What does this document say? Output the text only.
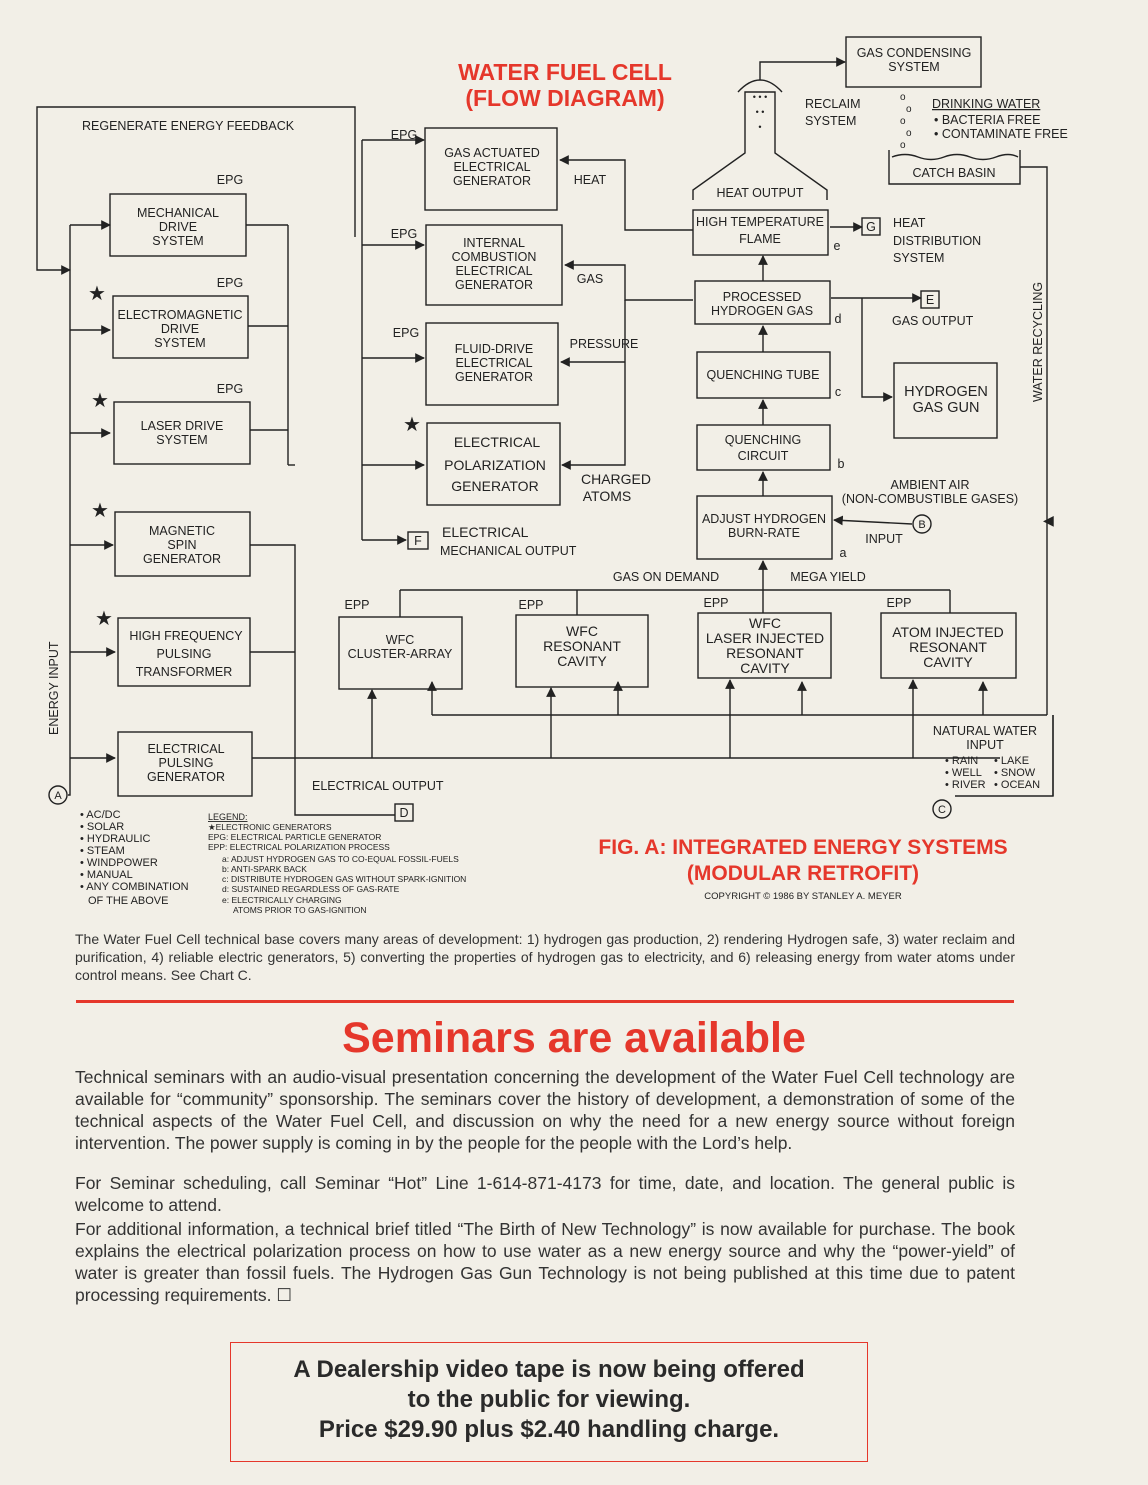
WATER FUEL CELL
(FLOW DIAGRAM)
REGENERATE ENERGY FEEDBACK
ENERGY INPUT
MECHANICAL
DRIVE
SYSTEM
EPG
ELECTROMAGNETIC
DRIVE
SYSTEM
EPG
★
LASER DRIVE
SYSTEM
EPG
★
MAGNETIC
SPIN
GENERATOR
★
HIGH FREQUENCY
PULSING
TRANSFORMER
★
ELECTRICAL
PULSING
GENERATOR
GAS ACTUATED
ELECTRICAL
GENERATOR
EPG
HEAT
INTERNAL
COMBUSTION
ELECTRICAL
GENERATOR
EPG
GAS
FLUID-DRIVE
ELECTRICAL
GENERATOR
EPG
PRESSURE
ELECTRICAL
POLARIZATION
GENERATOR	CHARGED
ATOMS
★
F
ELECTRICAL
MECHANICAL OUTPUT
HIGH TEMPERATURE
FLAME	e
PROCESSED
HYDROGEN GAS
d
QUENCHING TUBE
c
QUENCHING
CIRCUIT
b
ADJUST HYDROGEN
BURN-RATE
a
• • •
• •
•
RECLAIM
SYSTEM
HEAT OUTPUT
GAS CONDENSING
SYSTEM
o
o
o
o
o
DRINKING WATER
• BACTERIA FREE
• CONTAMINATE FREE
CATCH BASIN
WATER RECYCLING
◀
G HEAT
DISTRIBUTION
SYSTEM
E
GAS OUTPUT
HYDROGEN
GAS GUN
AMBIENT AIR
(NON-COMBUSTIBLE GASES)
B
INPUT
GAS ON DEMAND	MEGA YIELD
WFC
CLUSTER-ARRAY
EPP
WFC
RESONANT
CAVITY
EPP
WFC
LASER INJECTED
RESONANT
CAVITY
EPP
ATOM INJECTED
RESONANT
CAVITY
EPP
NATURAL WATER
INPUT
• RAIN • LAKE
• WELL • SNOW
• RIVER • OCEAN
C
ELECTRICAL OUTPUT
D
A
• AC/DC
• SOLAR
• HYDRAULIC
• STEAM
• WINDPOWER
• MANUAL
• ANY COMBINATION
OF THE ABOVE
LEGEND:
★ELECTRONIC GENERATORS
EPG: ELECTRICAL PARTICLE GENERATOR
EPP: ELECTRICAL POLARIZATION PROCESS
a: ADJUST HYDROGEN GAS TO CO-EQUAL FOSSIL-FUELS
b: ANTI-SPARK BACK
c: DISTRIBUTE HYDROGEN GAS WITHOUT SPARK-IGNITION
d: SUSTAINED REGARDLESS OF GAS-RATE
e: ELECTRICALLY CHARGING
ATOMS PRIOR TO GAS-IGNITION
FIG. A: INTEGRATED ENERGY SYSTEMS
(MODULAR RETROFIT)
COPYRIGHT © 1986 BY STANLEY A. MEYER

The Water Fuel Cell technical base covers many areas of development: 1) hydrogen gas production, 2) rendering Hydrogen safe, 3) water reclaim and purification, 4) reliable electric generators, 5) converting the properties of hydrogen gas to electricity, and 6) releasing energy from water atoms under control means. See Chart C.

Seminars are available

Technical seminars with an audio-visual presentation concerning the development of the Water Fuel Cell technology are available for “community” sponsorship. The seminars cover the history of development, a demonstration of some of the technical aspects of the Water Fuel Cell, and discussion on why the need for a new energy source without foreign intervention. The power supply is coming in by the people for the people with the Lord’s help.

For Seminar scheduling, call Seminar “Hot” Line 1-614-871-4173 for time, date, and location. The general public is welcome to attend.

For additional information, a technical brief titled “The Birth of New Technology” is now available for purchase. The book explains the electrical polarization process on how to use water as a new energy source and why the “power-yield” of water is greater than fossil fuels. The Hydrogen Gas Gun Technology is not being published at this time due to patent processing requirements. ☐

A Dealership video tape is now being offered
to the public for viewing.
Price $29.90 plus $2.40 handling charge.
